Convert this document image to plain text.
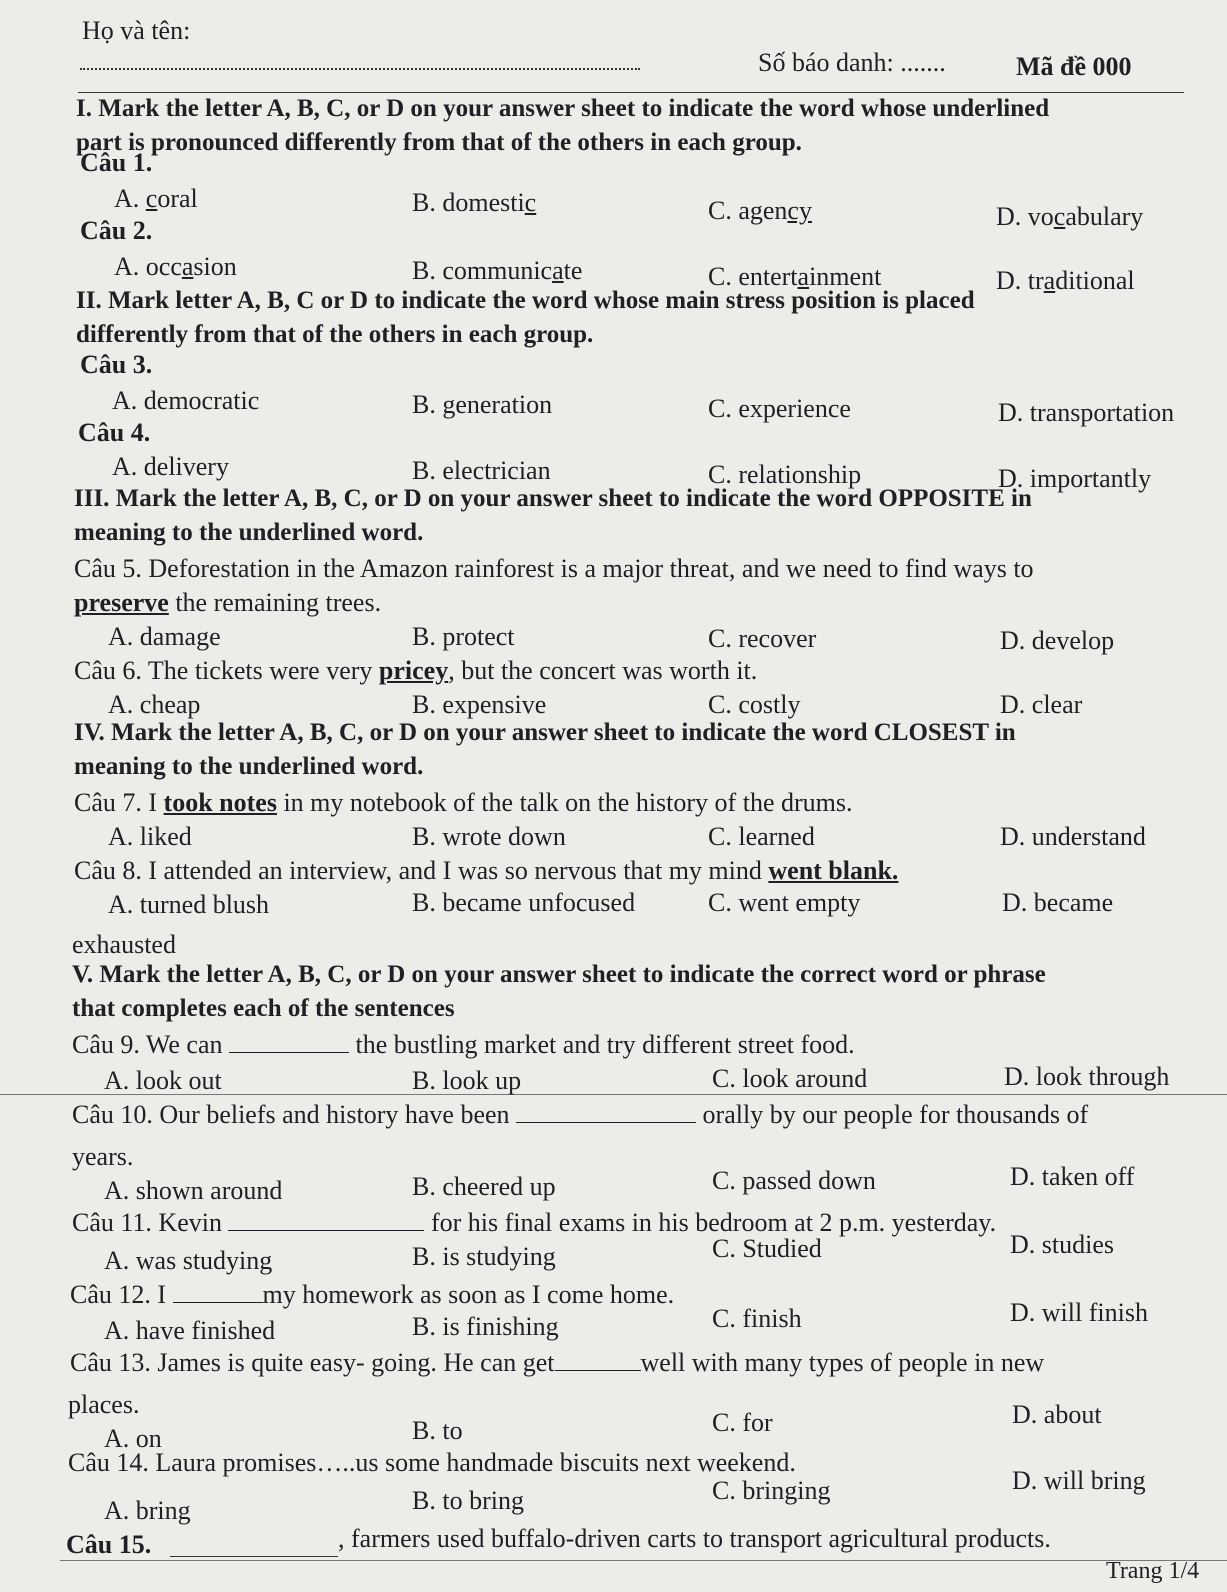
Họ và tên:
Số báo danh: .......	Mã đề 000
I. Mark the letter A, B, C, or D on your answer sheet to indicate the word whose underlined
part is pronounced differently from that of the others in each group.
Câu 1.
A. coral	B. domestic	C. agency	D. vocabulary
Câu 2.
A. occasion	B. communicate	C. entertainment	D. traditional
II. Mark letter A, B, C or D to indicate the word whose main stress position is placed
differently from that of the others in each group.
Câu 3.
A. democratic	B. generation	C. experience	D. transportation
Câu 4.
A. delivery	B. electrician	C. relationship	D. importantly
III. Mark the letter A, B, C, or D on your answer sheet to indicate the word OPPOSITE in
meaning to the underlined word.
Câu 5. Deforestation in the Amazon rainforest is a major threat, and we need to find ways to
preserve the remaining trees.
A. damage	B. protect	C. recover	D. develop
Câu 6. The tickets were very pricey, but the concert was worth it.
A. cheap	B. expensive	C. costly	D. clear
IV. Mark the letter A, B, C, or D on your answer sheet to indicate the word CLOSEST in
meaning to the underlined word.
Câu 7. I took notes in my notebook of the talk on the history of the drums.
A. liked	B. wrote down	C. learned	D. understand
Câu 8. I attended an interview, and I was so nervous that my mind went blank.
A. turned blush	B. became unfocused	C. went empty	D. became
exhausted
V. Mark the letter A, B, C, or D on your answer sheet to indicate the correct word or phrase
that completes each of the sentences
Câu 9. We can	the bustling market and try different street food.
A. look out	B. look up	C. look around	D. look through
Câu 10. Our beliefs and history have been	orally by our people for thousands of
years.
A. shown around	B. cheered up	C. passed down	D. taken off
Câu 11. Kevin	for his final exams in his bedroom at 2 p.m. yesterday.
A. was studying	B. is studying	C. Studied	D. studies
Câu 12. I	my homework as soon as I come home.
A. have finished	B. is finishing	C. finish	D. will finish
Câu 13. James is quite easy- going. He can get	well with many types of people in new
places.
A. on	B. to	C. for	D. about
Câu 14. Laura promises…..us some handmade biscuits next weekend.
A. bring	B. to bring	C. bringing	D. will bring
Câu 15.	, farmers used buffalo-driven carts to transport agricultural products.
Trang 1/4
